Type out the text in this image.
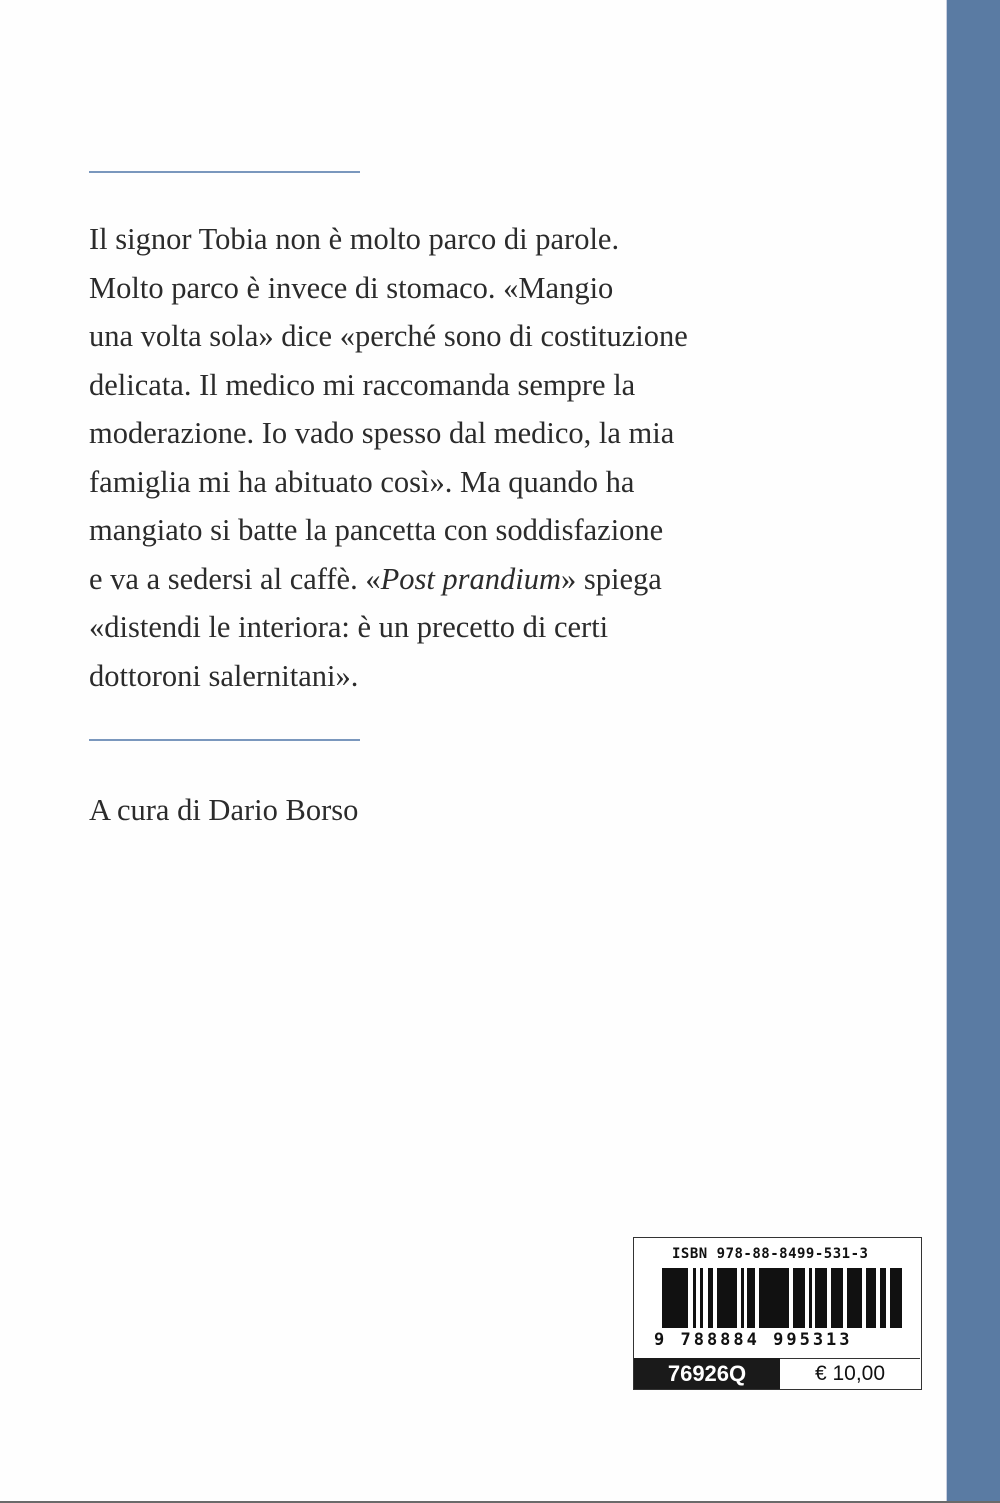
Il signor Tobia non è molto parco di parole.
Molto parco è invece di stomaco. «Mangio
una volta sola» dice «perché sono di costituzione
delicata. Il medico mi raccomanda sempre la
moderazione. Io vado spesso dal medico, la mia
famiglia mi ha abituato così». Ma quando ha
mangiato si batte la pancetta con soddisfazione
e va a sedersi al caffè. «Post prandium» spiega
«distendi le interiora: è un precetto di certi
dottoroni salernitani».
A cura di Dario Borso
ISBN 978-88-8499-531-3
9 788884 995313
76926Q	€ 10,00
